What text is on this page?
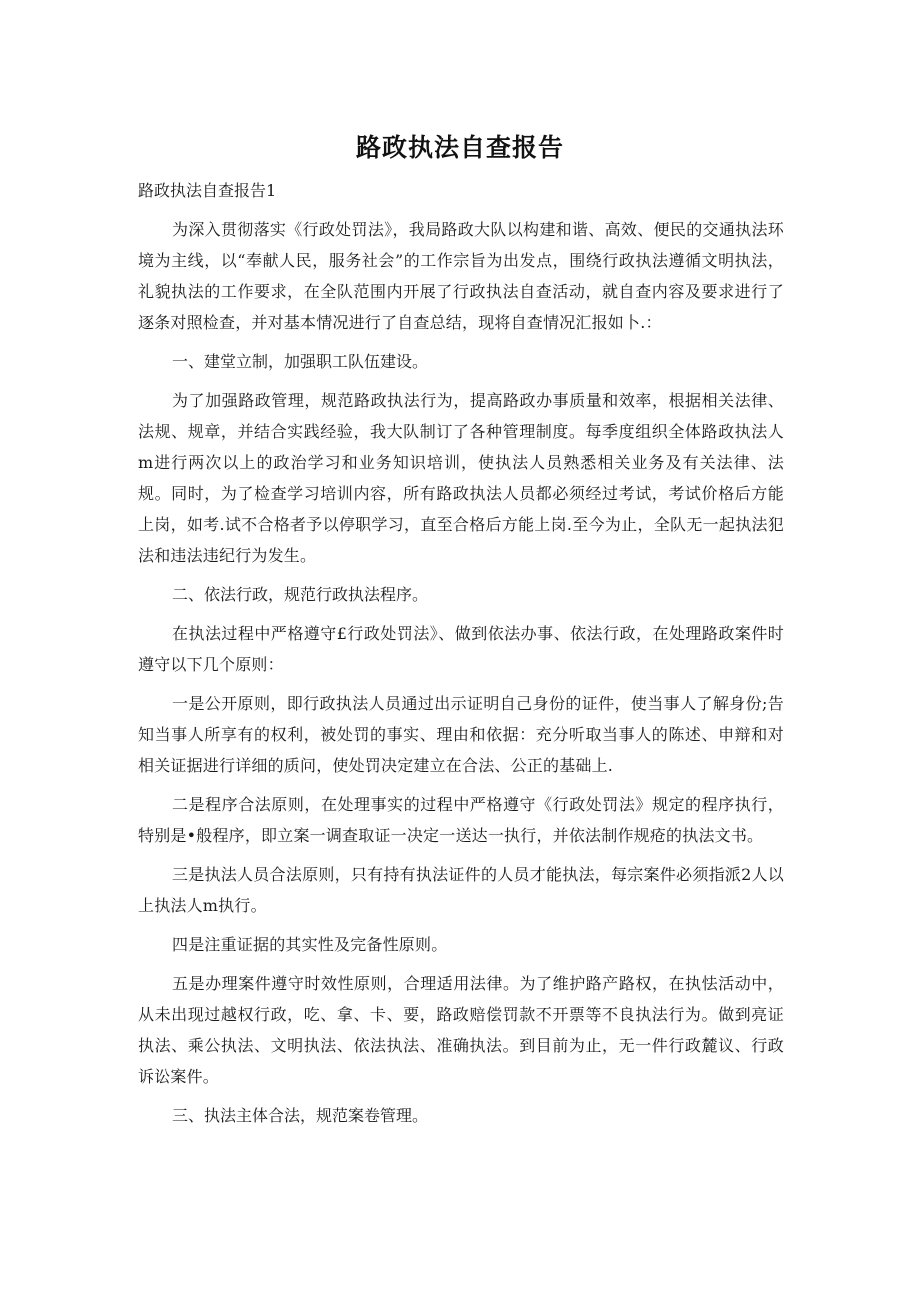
路政执法自查报告

路政执法自查报告1

为深入贯彻落实《行政处罚法》，我局路政大队以构建和谐、高效、便民的交通执法环境为主线，以“奉献人民，服务社会”的工作宗旨为出发点，围绕行政执法遵循文明执法，礼貌执法的工作要求，在全队范围内开展了行政执法自查活动，就自查内容及要求进行了逐条对照检查，并对基本情况进行了自查总结，现将自查情况汇报如卜.：

一、建堂立制，加强职工队伍建设。

为了加强路政管理，规范路政执法行为，提高路政办事质量和效率，根据相关法律、法规、规章，并结合实践经验，我大队制订了各种管理制度。每季度组织全体路政执法人m进行两次以上的政治学习和业务知识培训，使执法人员熟悉相关业务及有关法律、法规。同时，为了检查学习培训内容，所有路政执法人员都必须经过考试，考试价格后方能上岗，如考.试不合格者予以停职学习，直至合格后方能上岗.至今为止，全队无一起执法犯法和违法违纪行为发生。

二、依法行政，规范行政执法程序。

在执法过程中严格遵守£行政处罚法》、做到依法办事、依法行政，在处理路政案件时遵守以下几个原则：

一是公开原则，即行政执法人员通过出示证明自己身份的证件，使当事人了解身份;告知当事人所享有的权利，被处罚的事实、理由和依据：充分听取当事人的陈述、申辩和对相关证据进行详细的质问，使处罚决定建立在合法、公正的基础上.

二是程序合法原则，在处理事实的过程中严格遵守《行政处罚法》规定的程序执行，特别是•般程序，即立案一调查取证一决定一送达一执行，并依法制作规疮的执法文书。

三是执法人员合法原则，只有持有执法证件的人员才能执法，每宗案件必须指派2人以上执法人m执行。

四是注重证据的其实性及完备性原则。

五是办理案件遵守时效性原则，合理适用法律。为了维护路产路权，在执怯活动中，从未出现过越权行政，吃、拿、卡、要，路政赔偿罚款不开票等不良执法行为。做到亮证执法、乘公执法、文明执法、依法执法、准确执法。到目前为止，无一件行政麓议、行政诉讼案件。

三、执法主体合法，规范案卷管理。
